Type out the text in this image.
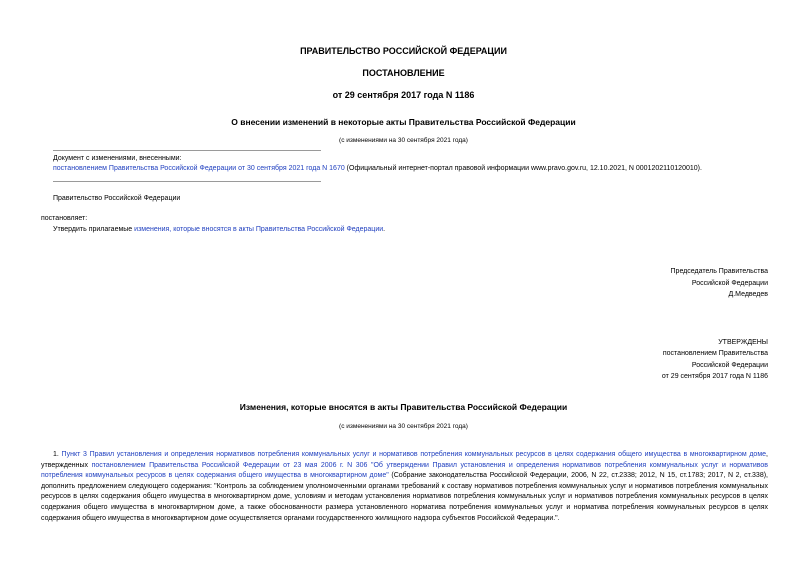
ПРАВИТЕЛЬСТВО РОССИЙСКОЙ ФЕДЕРАЦИИ
ПОСТАНОВЛЕНИЕ
от 29 сентября 2017 года N 1186
О внесении изменений в некоторые акты Правительства Российской Федерации
(с изменениями на 30 сентября 2021 года)
Документ с изменениями, внесенными:
постановлением Правительства Российской Федерации от 30 сентября 2021 года N 1670 (Официальный интернет-портал правовой информации www.pravo.gov.ru, 12.10.2021, N 0001202110120010).
Правительство Российской Федерации
постановляет:
Утвердить прилагаемые изменения, которые вносятся в акты Правительства Российской Федерации.
Председатель Правительства
Российской Федерации
Д.Медведев
УТВЕРЖДЕНЫ
постановлением Правительства
Российской Федерации
от 29 сентября 2017 года N 1186
Изменения, которые вносятся в акты Правительства Российской Федерации
(с изменениями на 30 сентября 2021 года)
1. Пункт 3 Правил установления и определения нормативов потребления коммунальных услуг и нормативов потребления коммунальных ресурсов в целях содержания общего имущества в многоквартирном доме, утвержденных постановлением Правительства Российской Федерации от 23 мая 2006 г. N 306 "Об утверждении Правил установления и определения нормативов потребления коммунальных услуг и нормативов потребления коммунальных ресурсов в целях содержания общего имущества в многоквартирном доме" (Собрание законодательства Российской Федерации, 2006, N 22, ст.2338; 2012, N 15, ст.1783; 2017, N 2, ст.338), дополнить предложением следующего содержания: "Контроль за соблюдением уполномоченными органами требований к составу нормативов потребления коммунальных услуг и нормативов потребления коммунальных ресурсов в целях содержания общего имущества в многоквартирном доме, условиям и методам установления нормативов потребления коммунальных услуг и нормативов потребления коммунальных ресурсов в целях содержания общего имущества в многоквартирном доме, а также обоснованности размера установленного норматива потребления коммунальных услуг и норматива потребления коммунальных ресурсов в целях содержания общего имущества в многоквартирном доме осуществляется органами государственного жилищного надзора субъектов Российской Федерации.".
